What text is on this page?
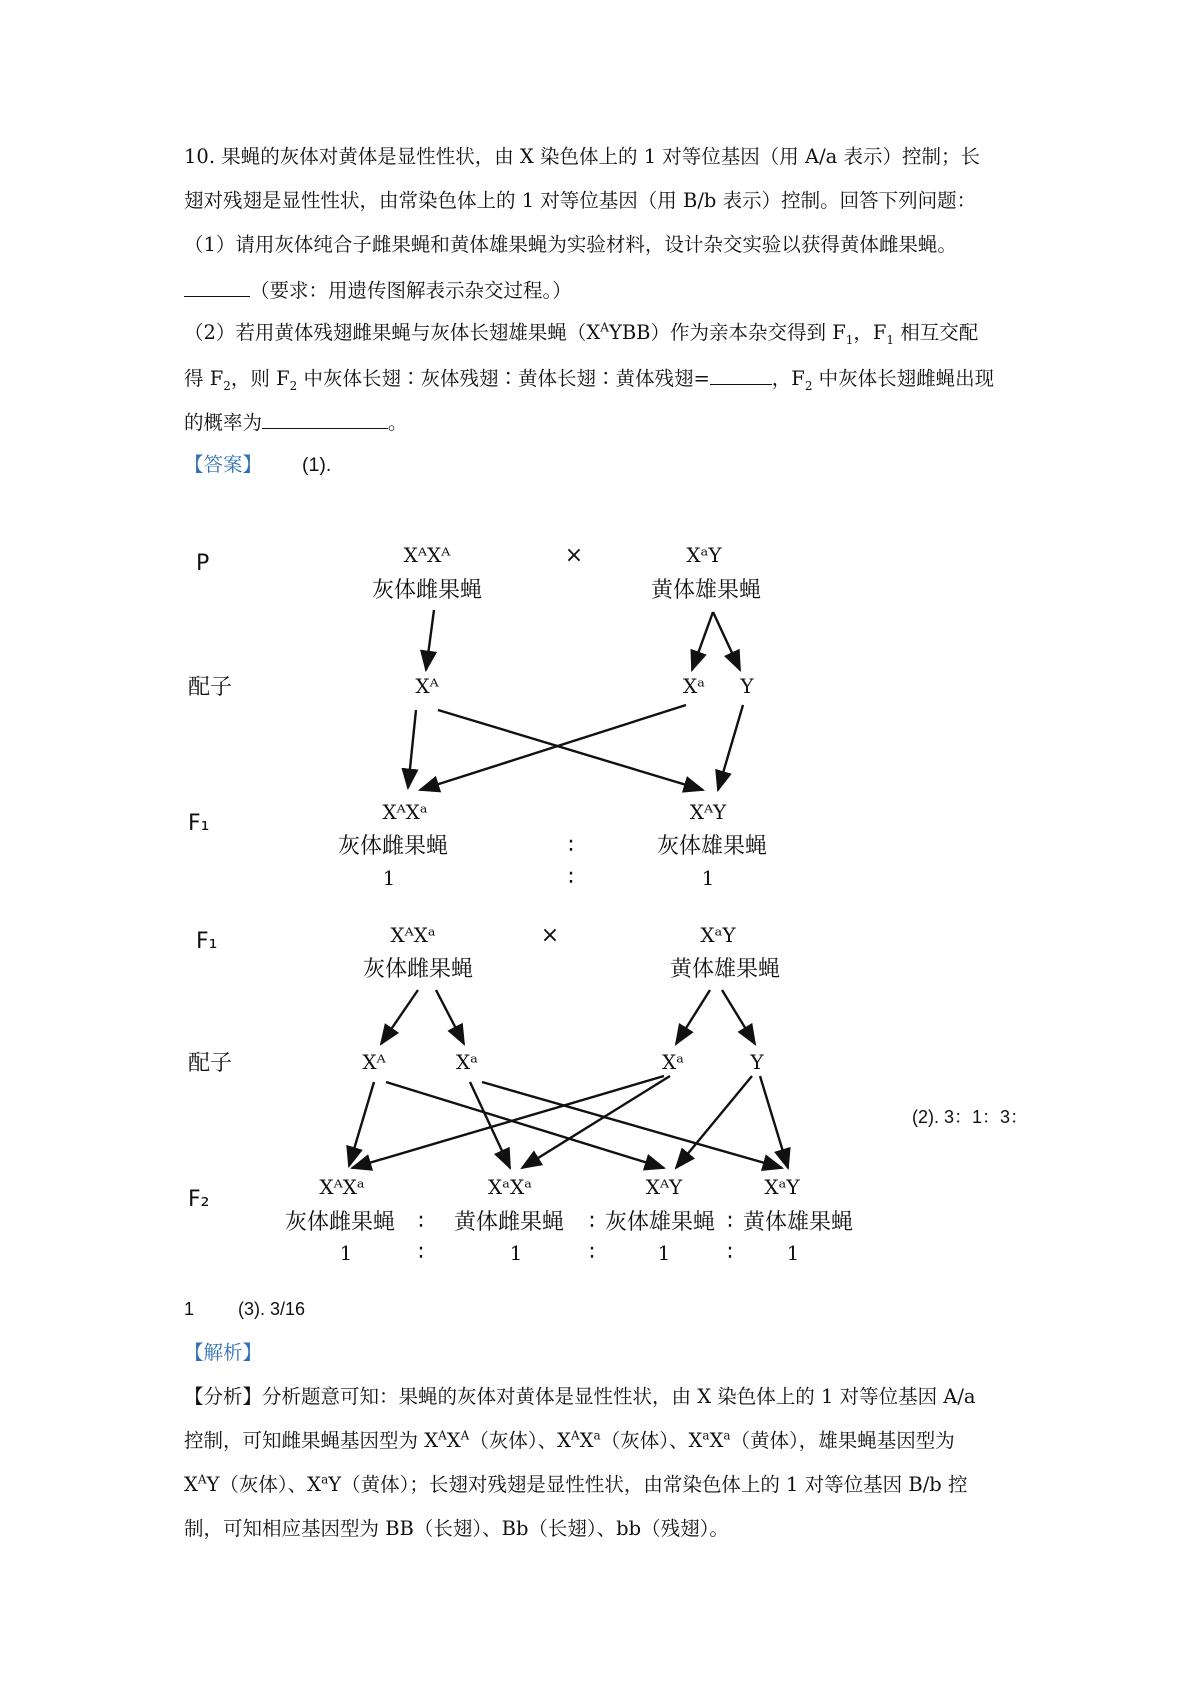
10. 果蝇的灰体对黄体是显性性状，由 X 染色体上的 1 对等位基因（用 A/a 表示）控制；长
翅对残翅是显性性状，由常染色体上的 1 对等位基因（用 B/b 表示）控制。回答下列问题：
（1）请用灰体纯合子雌果蝇和黄体雄果蝇为实验材料，设计杂交实验以获得黄体雌果蝇。
（要求：用遗传图解表示杂交过程。）
（2）若用黄体残翅雌果蝇与灰体长翅雄果蝇$(X^AYBB)$作为亲本杂交得到 $F_1$，$F_1$ 相互交配
得 $F_2$，则 $F_2$ 中灰体长翅∶灰体残翅∶黄体长翅∶黄体残翅=	，$F_2$ 中灰体长翅雌蝇出现
的概率为	。
【答案】 (1).
P
配子
F₁
XᴬXᴬ
灰体雌果蝇
×	XᵃY
黄体雄果蝇
Xᴬ	Xᵃ Y
XᴬXᵃ
灰体雌果蝇
1
∶
∶
XᴬY
灰体雄果蝇
1
F₁
配子
F₂
XᴬXᵃ
灰体雌果蝇
×	XᵃY
黄体雄果蝇
Xᴬ	Xᵃ	Xᵃ	Y
XᴬXᵃ	XᵃXᵃ	XᴬY	XᵃY
灰体雌果蝇 ∶ 黄体雌果蝇 ∶ 灰体雄果蝇 ∶ 黄体雄果蝇
1	∶	1	∶	1	∶	1
(2). 3：1：3：
1 (3). 3/16
【解析】
【分析】分析题意可知：果蝇的灰体对黄体是显性性状，由 X 染色体上的 1 对等位基因 A/a
控制，可知雌果蝇基因型为 $X^AX^A$（灰体）、$X^AX^a$（灰体）、$X^aX^a$（黄体），雄果蝇基因型为
$X^AY$（灰体）、$X^aY$（黄体）；长翅对残翅是显性性状，由常染色体上的 1 对等位基因 B/b 控
制，可知相应基因型为 BB（长翅）、Bb（长翅）、bb（残翅）。
